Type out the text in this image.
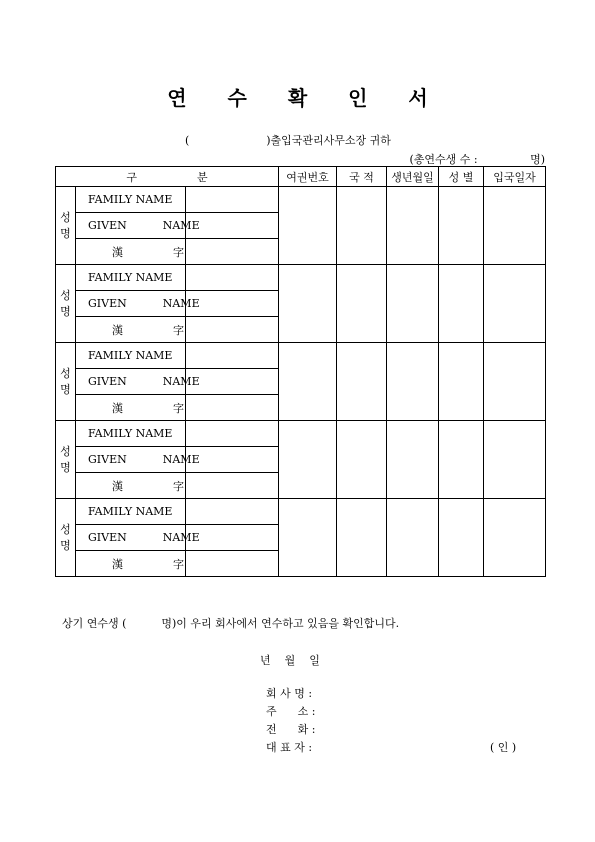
연 수 확 인 서
(                      )출입국관리사무소장 귀하
(총연수생 수 :               명)
구 분			여권번호	국 적	생년월일	성 별	입국일자
성
명	FAMILY NAME						
	GIVEN NAME						
	漢 字						
성
명	FAMILY NAME						
	GIVEN NAME						
	漢 字						
성
명	FAMILY NAME						
	GIVEN NAME						
	漢 字						
성
명	FAMILY NAME						
	GIVEN NAME						
	漢 字						
성
명	FAMILY NAME						
	GIVEN NAME						
	漢 字						
상기 연수생 (          명)이 우리 회사에서 연수하고 있음을 확인합니다.
년    월    일
회 사 명 :
주      소 :
전      화 :
대 표 자 :	( 인 )
